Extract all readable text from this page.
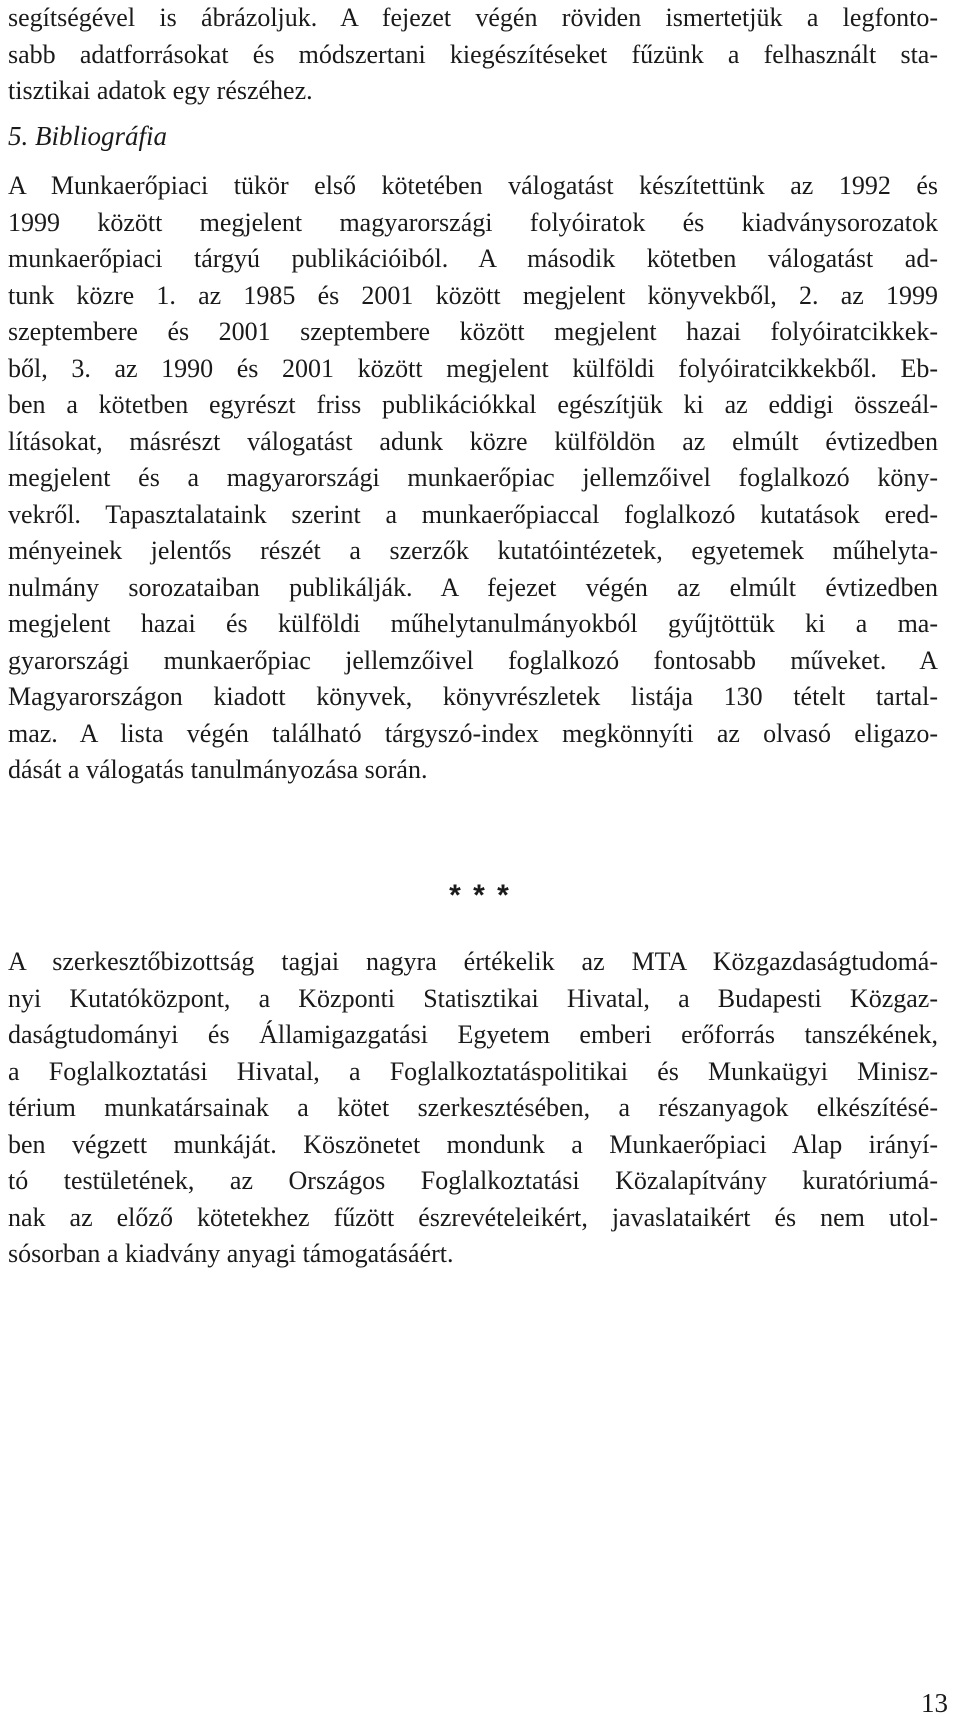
segítségével is ábrázoljuk. A fejezet végén röviden ismertetjük a legfonto-
sabb adatforrásokat és módszertani kiegészítéseket fűzünk a felhasznált sta-
tisztikai adatok egy részéhez.
5. Bibliográfia
A Munkaerőpiaci tükör első kötetében válogatást készítettünk az 1992 és
1999 között megjelent magyarországi folyóiratok és kiadványsorozatok
munkaerőpiaci tárgyú publikációiból. A második kötetben válogatást ad-
tunk közre 1. az 1985 és 2001 között megjelent könyvekből, 2. az 1999
szeptembere és 2001 szeptembere között megjelent hazai folyóiratcikkek-
ből, 3. az 1990 és 2001 között megjelent külföldi folyóiratcikkekből. Eb-
ben a kötetben egyrészt friss publikációkkal egészítjük ki az eddigi összeál-
lításokat, másrészt válogatást adunk közre külföldön az elmúlt évtizedben
megjelent és a magyarországi munkaerőpiac jellemzőivel foglalkozó köny-
vekről. Tapasztalataink szerint a munkaerőpiaccal foglalkozó kutatások ered-
ményeinek jelentős részét a szerzők kutatóintézetek, egyetemek műhelyta-
nulmány sorozataiban publikálják. A fejezet végén az elmúlt évtizedben
megjelent hazai és külföldi műhelytanulmányokból gyűjtöttük ki a ma-
gyarországi munkaerőpiac jellemzőivel foglalkozó fontosabb műveket. A
Magyarországon kiadott könyvek, könyvrészletek listája 130 tételt tartal-
maz. A lista végén található tárgyszó-index megkönnyíti az olvasó eligazo-
dását a válogatás tanulmányozása során.
* * *
A szerkesztőbizottság tagjai nagyra értékelik az MTA Közgazdaságtudomá-
nyi Kutatóközpont, a Központi Statisztikai Hivatal, a Budapesti Közgaz-
daságtudományi és Államigazgatási Egyetem emberi erőforrás tanszékének,
a Foglalkoztatási Hivatal, a Foglalkoztatáspolitikai és Munkaügyi Minisz-
térium munkatársainak a kötet szerkesztésében, a részanyagok elkészítésé-
ben végzett munkáját. Köszönetet mondunk a Munkaerőpiaci Alap irányí-
tó testületének, az Országos Foglalkoztatási Közalapítvány kuratóriumá-
nak az előző kötetekhez fűzött észrevételeikért, javaslataikért és nem utol-
sósorban a kiadvány anyagi támogatásáért.
13
